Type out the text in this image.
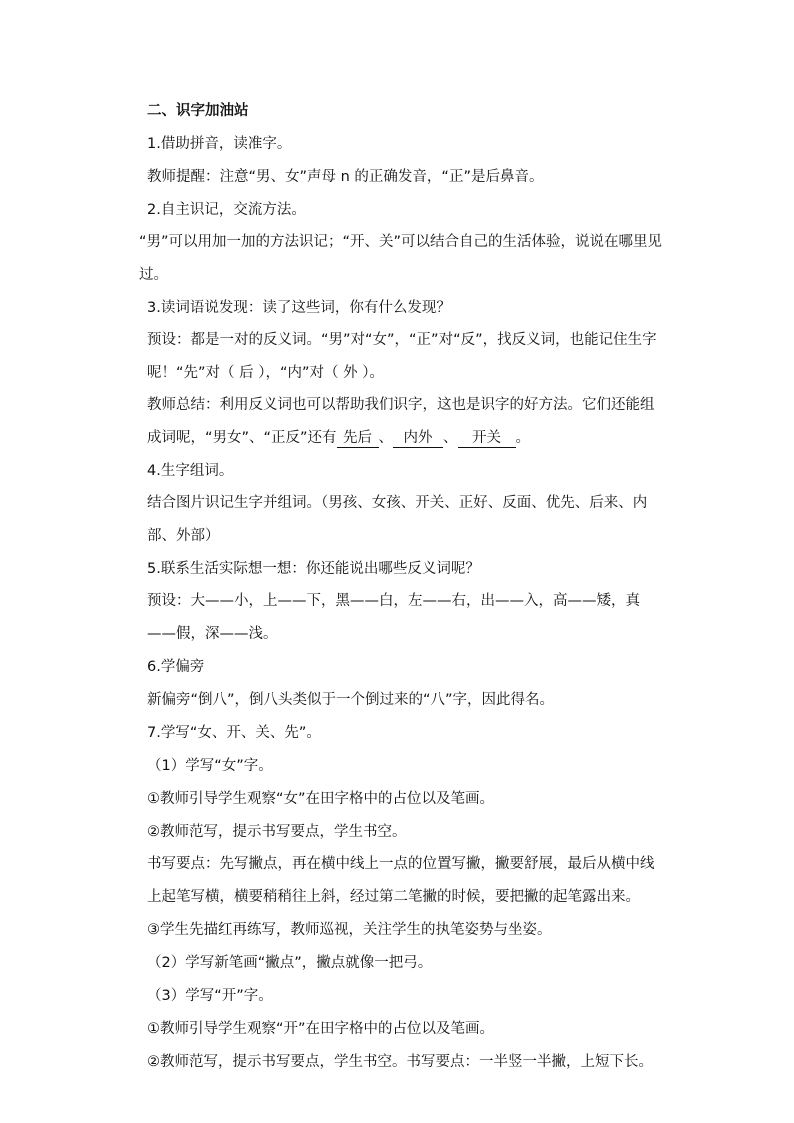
二、识字加油站
1.借助拼音，读准字。
教师提醒：注意“男、女”声母 n 的正确发音，“正”是后鼻音。
2.自主识记，交流方法。
“男”可以用加一加的方法识记；“开、关”可以结合自己的生活体验，说说在哪里见过。
3.读词语说发现：读了这些词，你有什么发现？
预设：都是一对的反义词。“男”对“女”，“正”对“反”，找反义词，也能记住生字呢！“先”对（ 后 ），“内”对（ 外 ）。
教师总结：利用反义词也可以帮助我们识字，这也是识字的好方法。它们还能组成词呢，“男女”、“正反”还有 先后 、 内外 、 开关 。
4.生字组词。
结合图片识记生字并组词。（男孩、女孩、开关、正好、反面、优先、后来、内部、外部）
5.联系生活实际想一想：你还能说出哪些反义词呢？
预设：大——小，上——下，黑——白，左——右，出——入，高——矮，真——假，深——浅。
6.学偏旁
新偏旁“倒八”，倒八头类似于一个倒过来的“八”字，因此得名。
7.学写“女、开、关、先”。
（1）学写“女”字。
①教师引导学生观察“女”在田字格中的占位以及笔画。
②教师范写，提示书写要点，学生书空。
书写要点：先写撇点，再在横中线上一点的位置写撇，撇要舒展，最后从横中线上起笔写横，横要稍稍往上斜，经过第二笔撇的时候，要把撇的起笔露出来。
③学生先描红再练写，教师巡视，关注学生的执笔姿势与坐姿。
（2）学写新笔画“撇点”，撇点就像一把弓。
（3）学写“开”字。
①教师引导学生观察“开”在田字格中的占位以及笔画。
②教师范写，提示书写要点，学生书空。书写要点：一半竖一半撇，上短下长。
